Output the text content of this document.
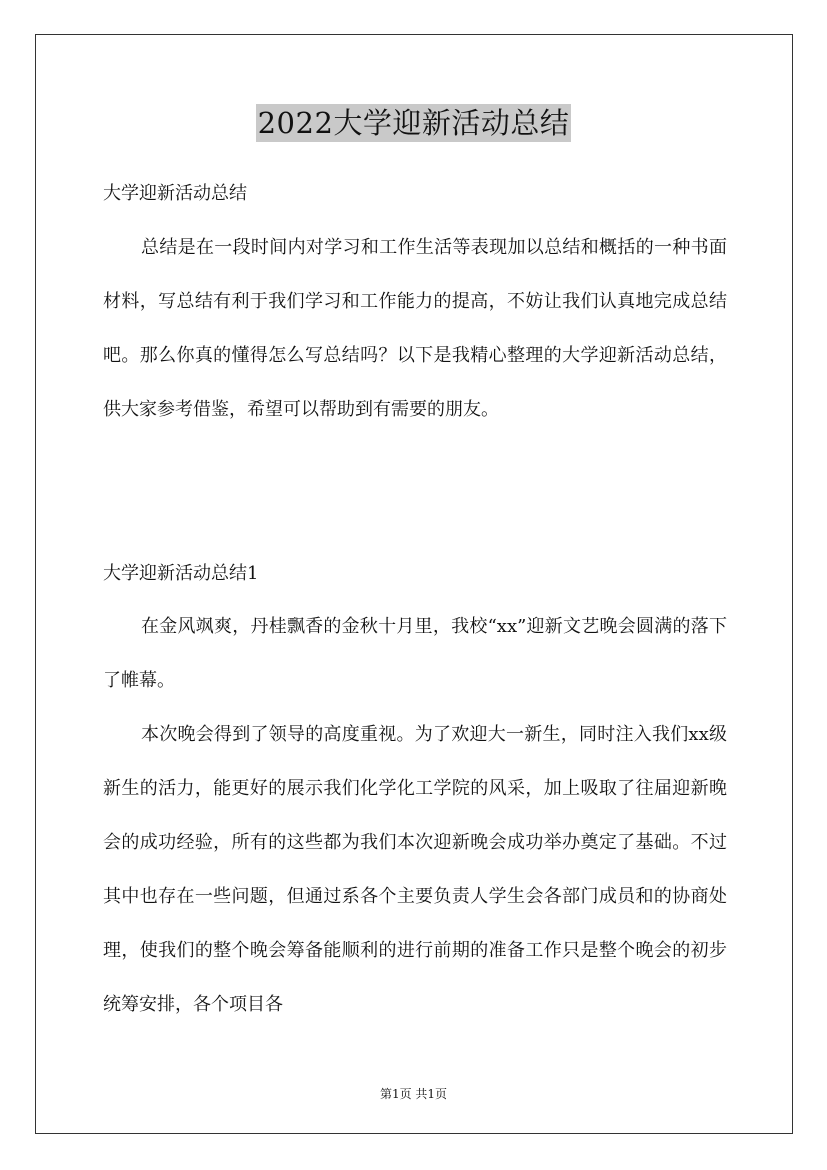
2022大学迎新活动总结
大学迎新活动总结

总结是在一段时间内对学习和工作生活等表现加以总结和概括的一种书面材料，写总结有利于我们学习和工作能力的提高，不妨让我们认真地完成总结吧。那么你真的懂得怎么写总结吗？以下是我精心整理的大学迎新活动总结，供大家参考借鉴，希望可以帮助到有需要的朋友。

大学迎新活动总结1

在金风飒爽，丹桂飘香的金秋十月里，我校“xx”迎新文艺晚会圆满的落下了帷幕。

本次晚会得到了领导的高度重视。为了欢迎大一新生，同时注入我们xx级新生的活力，能更好的展示我们化学化工学院的风采，加上吸取了往届迎新晚会的成功经验，所有的这些都为我们本次迎新晚会成功举办奠定了基础。不过其中也存在一些问题，但通过系各个主要负责人学生会各部门成员和的协商处理，使我们的整个晚会筹备能顺利的进行前期的准备工作只是整个晚会的初步统筹安排，各个项目各

第1页 共1页
